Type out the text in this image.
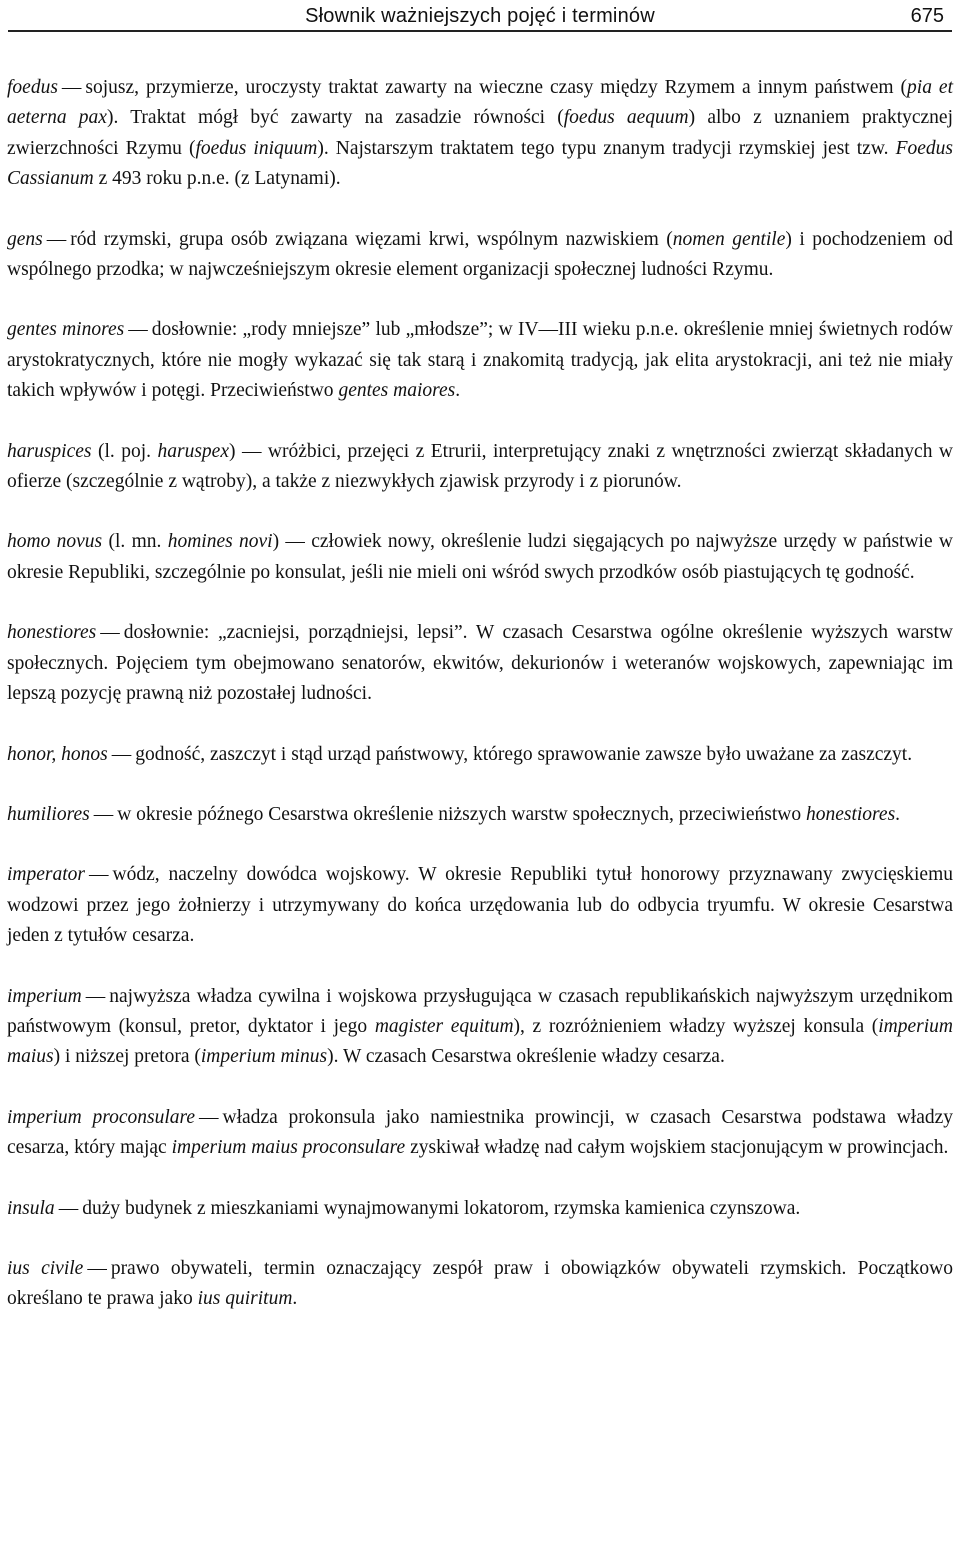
Słownik ważniejszych pojęć i terminów	675

foedus — sojusz, przymierze, uroczysty traktat zawarty na wieczne czasy między Rzymem a innym państwem (pia et aeterna pax). Traktat mógł być zawarty na zasadzie równości (foedus aequum) albo z uznaniem praktycznej zwierzchności Rzymu (foedus iniquum). Najstarszym traktatem tego typu znanym tradycji rzymskiej jest tzw. Foedus Cassianum z 493 roku p.n.e. (z Latynami).

gens — ród rzymski, grupa osób związana więzami krwi, wspólnym nazwiskiem (nomen gentile) i pochodzeniem od wspólnego przodka; w najwcześniejszym okresie element organizacji społecznej ludności Rzymu.

gentes minores — dosłownie: „rody mniejsze” lub „młodsze”; w IV—III wieku p.n.e. określenie mniej świetnych rodów arystokratycznych, które nie mogły wykazać się tak starą i znakomitą tradycją, jak elita arystokracji, ani też nie miały takich wpływów i potęgi. Przeciwieństwo gentes maiores.

haruspices (l. poj. haruspex) — wróżbici, przejęci z Etrurii, interpretujący znaki z wnętrzności zwierząt składanych w ofierze (szczególnie z wątroby), a także z niezwykłych zjawisk przyrody i z piorunów.

homo novus (l. mn. homines novi) — człowiek nowy, określenie ludzi sięgających po najwyższe urzędy w państwie w okresie Republiki, szczególnie po konsulat, jeśli nie mieli oni wśród swych przodków osób piastujących tę godność.

honestiores — dosłownie: „zacniejsi, porządniejsi, lepsi”. W czasach Cesarstwa ogólne określenie wyższych warstw społecznych. Pojęciem tym obejmowano senatorów, ekwitów, dekurionów i weteranów wojskowych, zapewniając im lepszą pozycję prawną niż pozostałej ludności.

honor, honos — godność, zaszczyt i stąd urząd państwowy, którego sprawowanie zawsze było uważane za zaszczyt.

humiliores — w okresie późnego Cesarstwa określenie niższych warstw społecznych, przeciwieństwo honestiores.

imperator — wódz, naczelny dowódca wojskowy. W okresie Republiki tytuł honorowy przyznawany zwycięskiemu wodzowi przez jego żołnierzy i utrzymywany do końca urzędowania lub do odbycia tryumfu. W okresie Cesarstwa jeden z tytułów cesarza.

imperium — najwyższa władza cywilna i wojskowa przysługująca w czasach republikańskich najwyższym urzędnikom państwowym (konsul, pretor, dyktator i jego magister equitum), z rozróżnieniem władzy wyższej konsula (imperium maius) i niższej pretora (imperium minus). W czasach Cesarstwa określenie władzy cesarza.

imperium proconsulare — władza prokonsula jako namiestnika prowincji, w czasach Cesarstwa podstawa władzy cesarza, który mając imperium maius proconsulare zyskiwał władzę nad całym wojskiem stacjonującym w prowincjach.

insula — duży budynek z mieszkaniami wynajmowanymi lokatorom, rzymska kamienica czynszowa.

ius civile — prawo obywateli, termin oznaczający zespół praw i obowiązków obywateli rzymskich. Początkowo określano te prawa jako ius quiritum.
